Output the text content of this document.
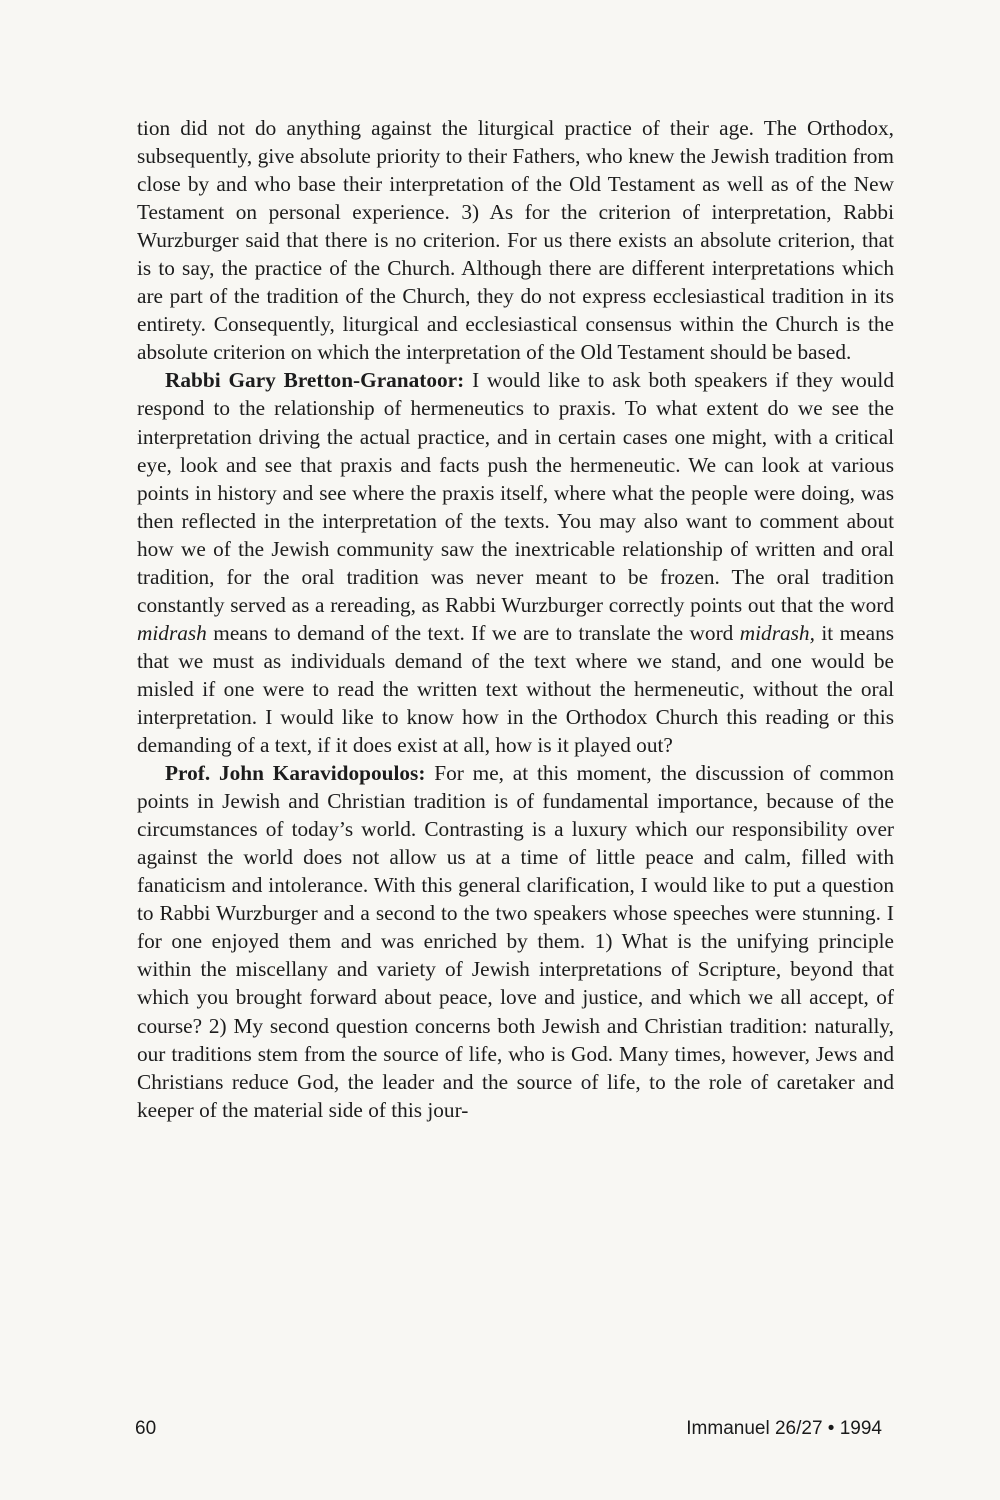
tion did not do anything against the liturgical practice of their age. The Orthodox, subsequently, give absolute priority to their Fathers, who knew the Jewish tradition from close by and who base their interpretation of the Old Testament as well as of the New Testament on personal experience. 3) As for the criterion of interpretation, Rabbi Wurzburger said that there is no criterion. For us there exists an absolute criterion, that is to say, the practice of the Church. Although there are different interpretations which are part of the tradition of the Church, they do not express ecclesiastical tradition in its entirety. Consequently, liturgical and ecclesiastical consensus within the Church is the absolute criterion on which the interpretation of the Old Testament should be based.

Rabbi Gary Bretton-Granatoor: I would like to ask both speakers if they would respond to the relationship of hermeneutics to praxis. To what extent do we see the interpretation driving the actual practice, and in certain cases one might, with a critical eye, look and see that praxis and facts push the hermeneutic. We can look at various points in history and see where the praxis itself, where what the people were doing, was then reflected in the interpretation of the texts. You may also want to comment about how we of the Jewish community saw the inextricable relationship of written and oral tradition, for the oral tradition was never meant to be frozen. The oral tradition constantly served as a rereading, as Rabbi Wurzburger correctly points out that the word midrash means to demand of the text. If we are to translate the word midrash, it means that we must as individuals demand of the text where we stand, and one would be misled if one were to read the written text without the hermeneutic, without the oral interpretation. I would like to know how in the Orthodox Church this reading or this demanding of a text, if it does exist at all, how is it played out?

Prof. John Karavidopoulos: For me, at this moment, the discussion of common points in Jewish and Christian tradition is of fundamental importance, because of the circumstances of today’s world. Contrasting is a luxury which our responsibility over against the world does not allow us at a time of little peace and calm, filled with fanaticism and intolerance. With this general clarification, I would like to put a question to Rabbi Wurzburger and a second to the two speakers whose speeches were stunning. I for one enjoyed them and was enriched by them. 1) What is the unifying principle within the miscellany and variety of Jewish interpretations of Scripture, beyond that which you brought forward about peace, love and justice, and which we all accept, of course? 2) My second question concerns both Jewish and Christian tradition: naturally, our traditions stem from the source of life, who is God. Many times, however, Jews and Christians reduce God, the leader and the source of life, to the role of caretaker and keeper of the material side of this jour-

60	Immanuel 26/27 • 1994
